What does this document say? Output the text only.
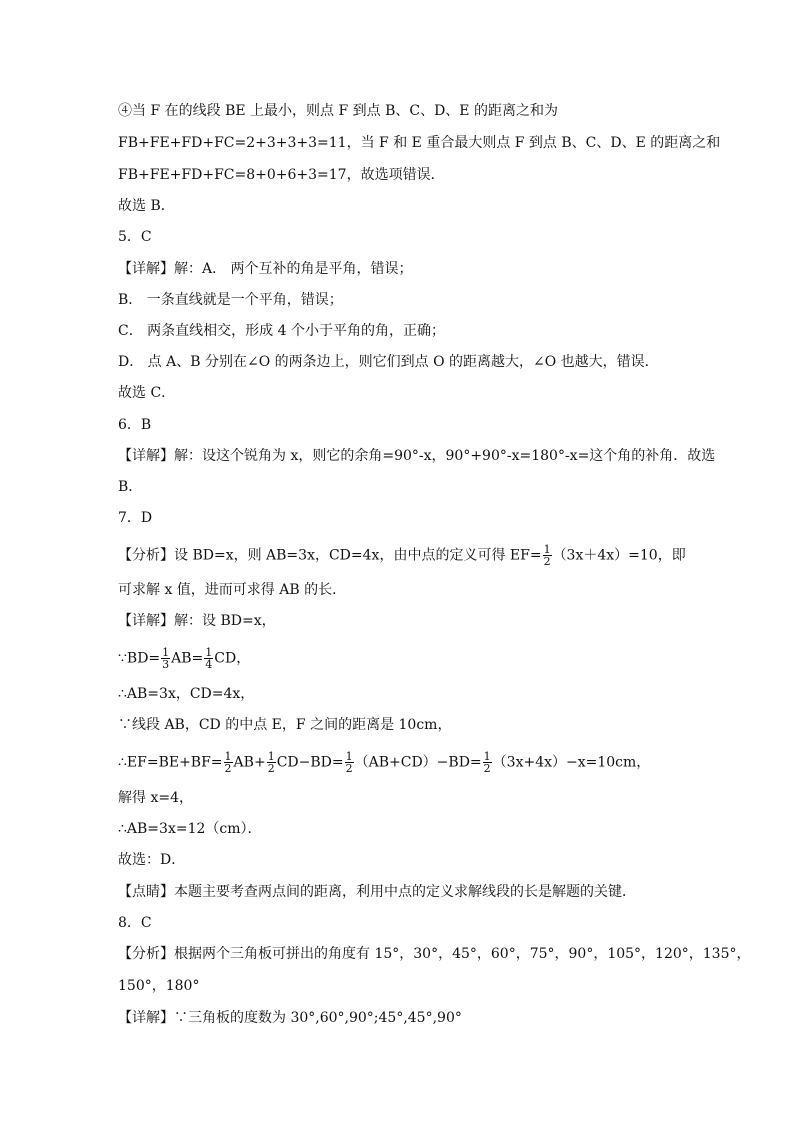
④当 F 在的线段 BE 上最小，则点 F 到点 B、C、D、E 的距离之和为
FB+FE+FD+FC=2+3+3+3=11，当 F 和 E 重合最大则点 F 到点 B、C、D、E 的距离之和
FB+FE+FD+FC=8+0+6+3=17，故选项错误．
故选 B．
5．C
【详解】解：A． 两个互补的角是平角，错误；
B． 一条直线就是一个平角，错误；
C． 两条直线相交，形成 4 个小于平角的角，正确；
D． 点 A、B 分别在∠O 的两条边上，则它们到点 O 的距离越大，∠O 也越大，错误．
故选 C．
6．B
【详解】解：设这个锐角为 x，则它的余角=90°-x，90°+90°-x=180°-x=这个角的补角．故选
B．
7．D
【分析】设 BD=x，则 AB=3x，CD=4x，由中点的定义可得 $EF= \frac{1}{2} (3x+4x)=10$，即
可求解 x 值，进而可求得 AB 的长．
【详解】解：设 BD=x，
∵BD= $\frac{1}{3} AB= \frac{1}{4}$ CD，
∴AB=3x，CD=4x，
∵线段 AB，CD 的中点 E，F 之间的距离是 10cm，
∴EF=BE+BF= $\frac{1}{2} AB+ \frac{1}{2} CD-BD= \frac{1}{2} (AB+CD)-BD= \frac{1}{2} (3x+4x)-x=10cm$，
解得 x=4，
∴AB=3x=12（cm）．
故选：D．
【点睛】本题主要考查两点间的距离，利用中点的定义求解线段的长是解题的关键．
8．C
【分析】根据两个三角板可拼出的角度有 15°，30°，45°，60°，75°，90°，105°，120°，135°，
150°，180°
【详解】∵三角板的度数为 30°,60°,90°;45°,45°,90°
